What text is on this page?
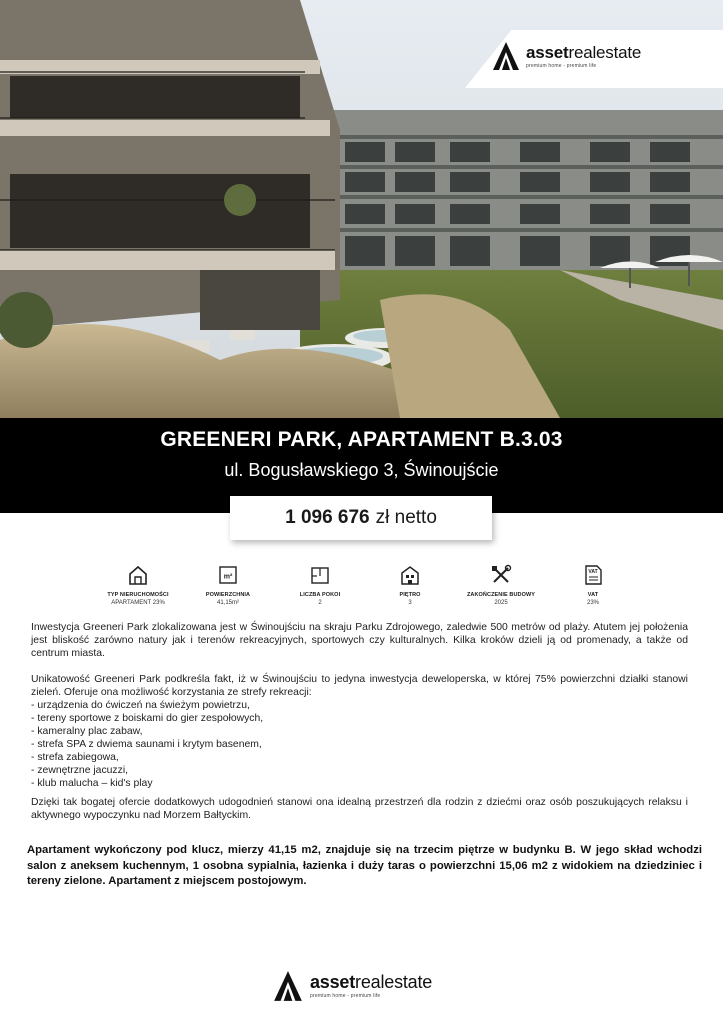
assetrealestate
premium home - premium life
GREENERI PARK, APARTAMENT B.3.03
ul. Bogusławskiego 3, Świnoujście
1 096 676 zł netto
TYP NIERUCHOMOŚCI
APARTAMENT 23%
m²
POWIERZCHNIA
41,15m²
LICZBA POKOI
2
PIĘTRO
3
ZAKOŃCZENIE BUDOWY
2025
VAT
VAT
23%

Inwestycja Greeneri Park zlokalizowana jest w Świnoujściu na skraju Parku Zdrojowego, zaledwie 500 metrów od plaży. Atutem jej położenia jest bliskość zarówno natury jak i terenów rekreacyjnych, sportowych czy kulturalnych. Kilka kroków dzieli ją od promenady, a także od centrum miasta.

Unikatowość Greeneri Park podkreśla fakt, iż w Świnoujściu to jedyna inwestycja deweloperska, w której 75% powierzchni działki stanowi zieleń. Oferuje ona możliwość korzystania ze strefy rekreacji:

- urządzenia do ćwiczeń na świeżym powietrzu,

- tereny sportowe z boiskami do gier zespołowych,

- kameralny plac zabaw,

- strefa SPA z dwiema saunami i krytym basenem,

- strefa zabiegowa,

- zewnętrzne jacuzzi,

- klub malucha – kid's play

Dzięki tak bogatej ofercie dodatkowych udogodnień stanowi ona idealną przestrzeń dla rodzin z dziećmi oraz osób poszukujących relaksu i aktywnego wypoczynku nad Morzem Bałtyckim.

Apartament wykończony pod klucz, mierzy 41,15 m2, znajduje się na trzecim piętrze w budynku B. W jego skład wchodzi salon z aneksem kuchennym, 1 osobna sypialnia, łazienka i duży taras o powierzchni 15,06 m2 z widokiem na dziedziniec i tereny zielone. Apartament z miejscem postojowym.
assetrealestate
premium home - premium life
